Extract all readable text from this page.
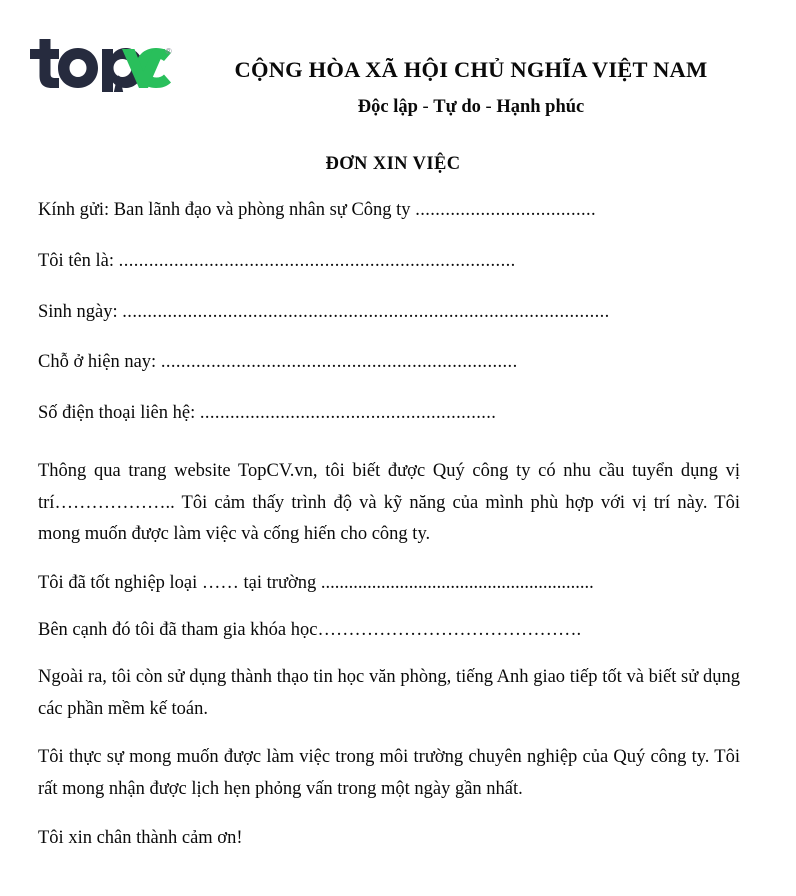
®
CỘNG HÒA XÃ HỘI CHỦ NGHĨA VIỆT NAM
Độc lập - Tự do - Hạnh phúc
ĐƠN XIN VIỆC

Kính gửi: Ban lãnh đạo và phòng nhân sự Công ty ....................................

Tôi tên là: ...............................................................................

Sinh ngày: .................................................................................................

Chỗ ở hiện nay: .......................................................................

Số điện thoại liên hệ: ...........................................................

Thông qua trang website TopCV.vn, tôi biết được Quý công ty có nhu cầu tuyển dụng vị trí……………….. Tôi cảm thấy trình độ và kỹ năng của mình phù hợp với vị trí này. Tôi mong muốn được làm việc và cống hiến cho công ty.

Tôi đã tốt nghiệp loại …… tại trường ...........................................................

Bên cạnh đó tôi đã tham gia khóa học…………………………………….

Ngoài ra, tôi còn sử dụng thành thạo tin học văn phòng, tiếng Anh giao tiếp tốt và biết sử dụng các phần mềm kế toán.

Tôi thực sự mong muốn được làm việc trong môi trường chuyên nghiệp của Quý công ty. Tôi rất mong nhận được lịch hẹn phỏng vấn trong một ngày gần nhất.

Tôi xin chân thành cảm ơn!
